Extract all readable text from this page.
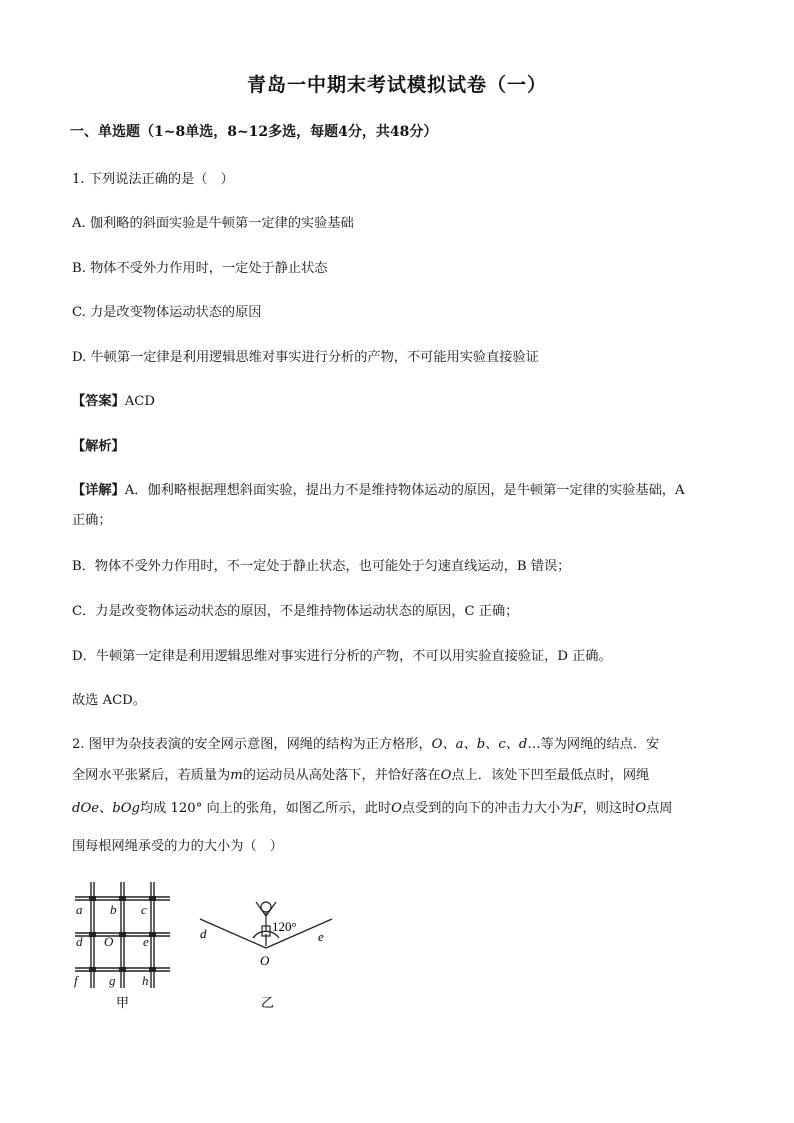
青岛一中期末考试模拟试卷（一）
一、单选题（1~8单选，8~12多选，每题4分，共48分）
1. 下列说法正确的是（　）
A. 伽利略的斜面实验是牛顿第一定律的实验基础
B. 物体不受外力作用时，一定处于静止状态
C. 力是改变物体运动状态的原因
D. 牛顿第一定律是利用逻辑思维对事实进行分析的产物，不可能用实验直接验证
【答案】ACD
【解析】
【详解】A．伽利略根据理想斜面实验，提出力不是维持物体运动的原因，是牛顿第一定律的实验基础，A
正确；
B．物体不受外力作用时，不一定处于静止状态，也可能处于匀速直线运动，B 错误；
C．力是改变物体运动状态的原因，不是维持物体运动状态的原因，C 正确；
D．牛顿第一定律是利用逻辑思维对事实进行分析的产物，不可以用实验直接验证，D 正确。
故选 ACD。
2. 图甲为杂技表演的安全网示意图，网绳的结构为正方格形，O、a、b、c、d…等为网绳的结点．安
全网水平张紧后，若质量为m的运动员从高处落下，并恰好落在O点上．该处下凹至最低点时，网绳
dOe、bOg均成 120° 向上的张角，如图乙所示，此时O点受到的向下的冲击力大小为F，则这时O点周
围每根网绳承受的力的大小为（　）
a b c
d O e
f g h
甲
120°
d	e
O
乙
